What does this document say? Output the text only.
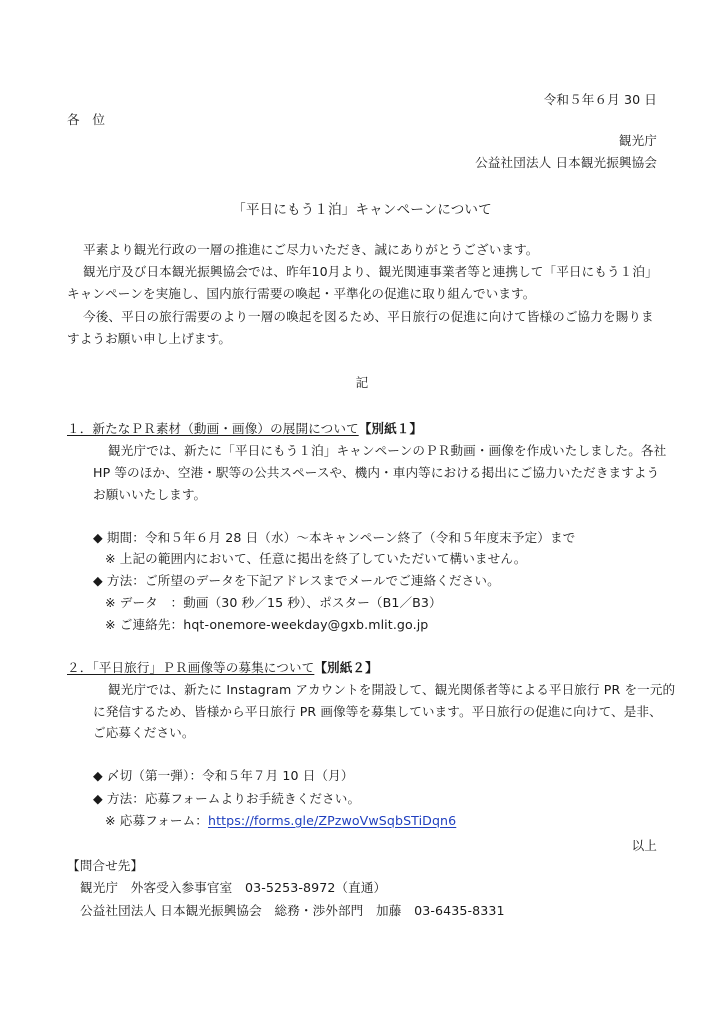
令和５年６月 30 日
各　位
観光庁
公益社団法人 日本観光振興協会
「平日にもう１泊」キャンペーンについて
平素より観光行政の一層の推進にご尽力いただき、誠にありがとうございます。
観光庁及び日本観光振興協会では、昨年10月より、観光関連事業者等と連携して「平日にもう１泊」
キャンペーンを実施し、国内旅行需要の喚起・平準化の促進に取り組んでいます。
今後、平日の旅行需要のより一層の喚起を図るため、平日旅行の促進に向けて皆様のご協力を賜りま
すようお願い申し上げます。
記
１．新たなＰＲ素材（動画・画像）の展開について【別紙１】
観光庁では、新たに「平日にもう１泊」キャンペーンのＰＲ動画・画像を作成いたしました。各社
HP 等のほか、空港・駅等の公共スペースや、機内・車内等における掲出にご協力いただきますよう
お願いいたします。
◆ 期間：令和５年６月 28 日（水）～本キャンペーン終了（令和５年度末予定）まで
※ 上記の範囲内において、任意に掲出を終了していただいて構いません。
◆ 方法：ご所望のデータを下記アドレスまでメールでご連絡ください。
※ データ　：動画（30 秒／15 秒）、ポスター（B1／B3）
※ ご連絡先：hqt-onemore-weekday@gxb.mlit.go.jp
２．「平日旅行」ＰＲ画像等の募集について【別紙２】
観光庁では、新たに Instagram アカウントを開設して、観光関係者等による平日旅行 PR を一元的
に発信するため、皆様から平日旅行 PR 画像等を募集しています。平日旅行の促進に向けて、是非、
ご応募ください。
◆ 〆切（第一弾）：令和５年７月 10 日（月）
◆ 方法：応募フォームよりお手続きください。
※ 応募フォーム：https://forms.gle/ZPzwoVwSqbSTiDqn6
以上
【問合せ先】
観光庁　外客受入参事官室　03-5253-8972（直通）
公益社団法人 日本観光振興協会　総務・渉外部門　加藤　03-6435-8331
